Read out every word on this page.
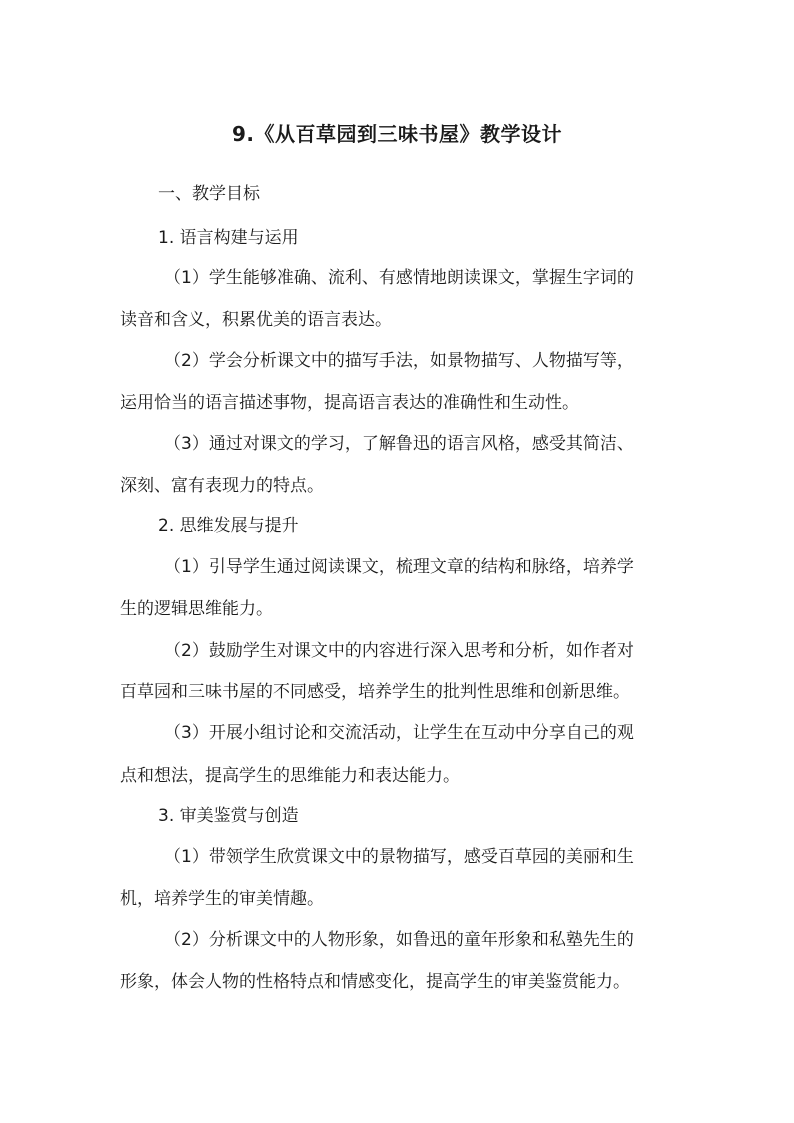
9.《从百草园到三味书屋》教学设计
一、教学目标
1. 语言构建与运用
（1）学生能够准确、流利、有感情地朗读课文，掌握生字词的
读音和含义，积累优美的语言表达。
（2）学会分析课文中的描写手法，如景物描写、人物描写等，
运用恰当的语言描述事物，提高语言表达的准确性和生动性。
（3）通过对课文的学习，了解鲁迅的语言风格，感受其简洁、
深刻、富有表现力的特点。
2. 思维发展与提升
（1）引导学生通过阅读课文，梳理文章的结构和脉络，培养学
生的逻辑思维能力。
（2）鼓励学生对课文中的内容进行深入思考和分析，如作者对
百草园和三味书屋的不同感受，培养学生的批判性思维和创新思维。
（3）开展小组讨论和交流活动，让学生在互动中分享自己的观
点和想法，提高学生的思维能力和表达能力。
3. 审美鉴赏与创造
（1）带领学生欣赏课文中的景物描写，感受百草园的美丽和生
机，培养学生的审美情趣。
（2）分析课文中的人物形象，如鲁迅的童年形象和私塾先生的
形象，体会人物的性格特点和情感变化，提高学生的审美鉴赏能力。
